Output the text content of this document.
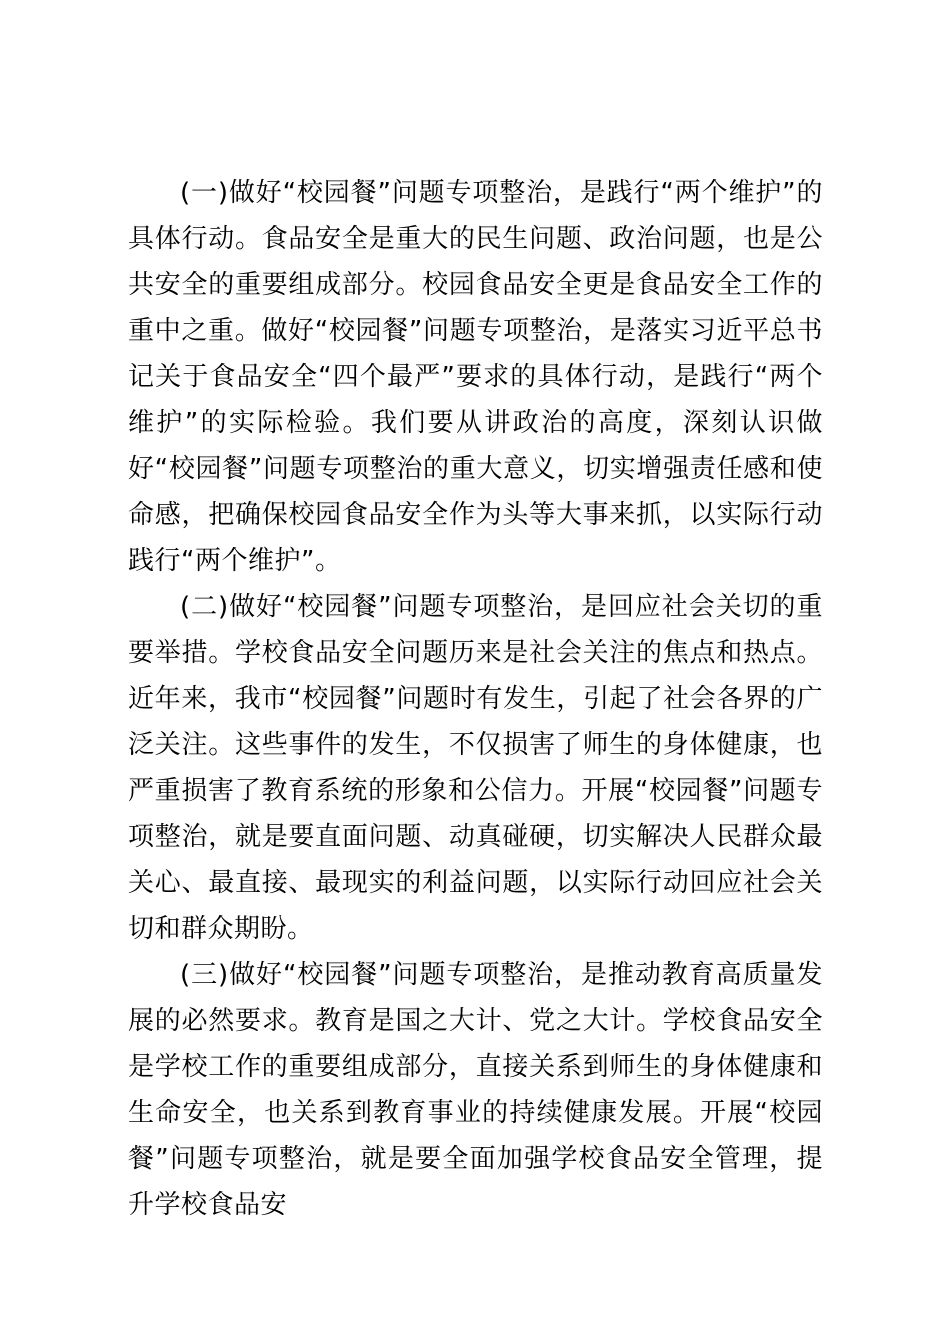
(一)做好“校园餐”问题专项整治，是践行“两个维护”的具体行动。食品安全是重大的民生问题、政治问题，也是公共安全的重要组成部分。校园食品安全更是食品安全工作的重中之重。做好“校园餐”问题专项整治，是落实习近平总书记关于食品安全“四个最严”要求的具体行动，是践行“两个维护”的实际检验。我们要从讲政治的高度，深刻认识做好“校园餐”问题专项整治的重大意义，切实增强责任感和使命感，把确保校园食品安全作为头等大事来抓，以实际行动践行“两个维护”。

(二)做好“校园餐”问题专项整治，是回应社会关切的重要举措。学校食品安全问题历来是社会关注的焦点和热点。近年来，我市“校园餐”问题时有发生，引起了社会各界的广泛关注。这些事件的发生，不仅损害了师生的身体健康，也严重损害了教育系统的形象和公信力。开展“校园餐”问题专项整治，就是要直面问题、动真碰硬，切实解决人民群众最关心、最直接、最现实的利益问题，以实际行动回应社会关切和群众期盼。

(三)做好“校园餐”问题专项整治，是推动教育高质量发展的必然要求。教育是国之大计、党之大计。学校食品安全是学校工作的重要组成部分，直接关系到师生的身体健康和生命安全，也关系到教育事业的持续健康发展。开展“校园餐”问题专项整治，就是要全面加强学校食品安全管理，提升学校食品安
